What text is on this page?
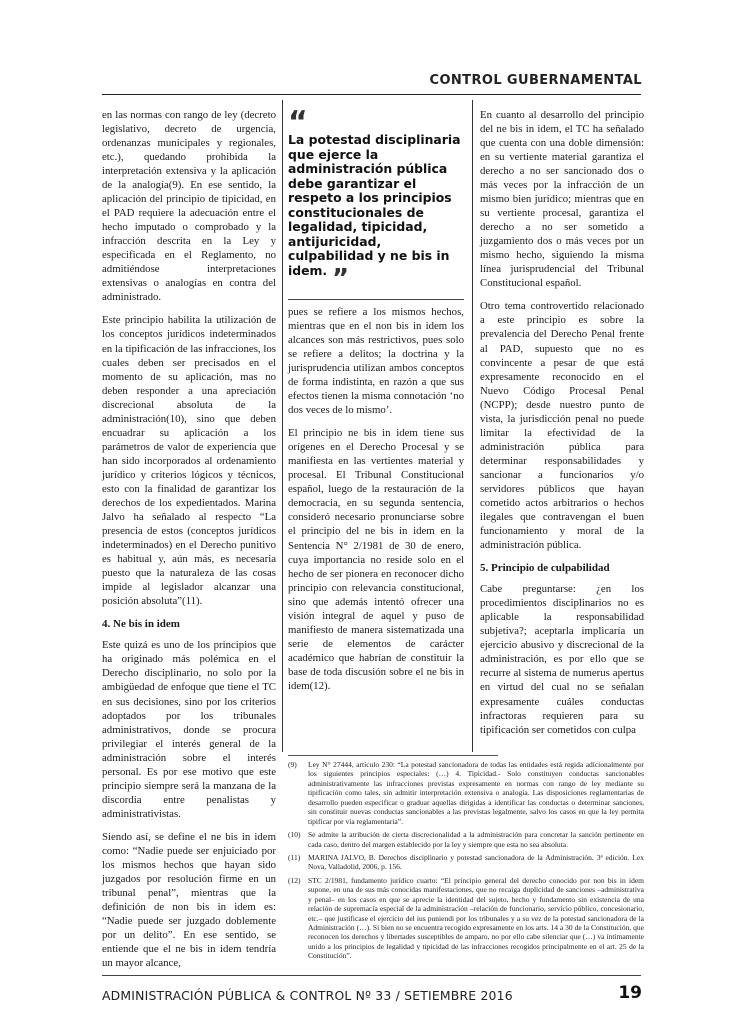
CONTROL GUBERNAMENTAL

en las normas con rango de ley (decreto legislativo, decreto de urgencia, ordenanzas municipales y regionales, etc.), quedando prohibida la interpretación extensiva y la aplicación de la analogía(9). En ese sentido, la aplicación del principio de tipicidad, en el PAD requiere la adecuación entre el hecho imputado o comprobado y la infracción descrita en la Ley y especificada en el Reglamento, no admitiéndose interpretaciones extensivas o analogías en contra del administrado.

Este principio habilita la utilización de los conceptos jurídicos indeterminados en la tipificación de las infracciones, los cuales deben ser precisados en el momento de su aplicación, mas no deben responder a una apreciación discrecional absoluta de la administración(10), sino que deben encuadrar su aplicación a los parámetros de valor de experiencia que han sido incorporados al ordenamiento jurídico y criterios lógicos y técnicos, esto con la finalidad de garantizar los derechos de los expedientados. Marina Jalvo ha señalado al respecto “La presencia de estos (conceptos jurídicos indeterminados) en el Derecho punitivo es habitual y, aún más, es necesaria puesto que la naturaleza de las cosas impide al legislador alcanzar una posición absoluta”(11).

4. Ne bis in idem

Este quizá es uno de los principios que ha originado más polémica en el Derecho disciplinario, no solo por la ambigüedad de enfoque que tiene el TC en sus decisiones, sino por los criterios adoptados por los tribunales administrativos, donde se procura privilegiar el interés general de la administración sobre el interés personal. Es por ese motivo que este principio siempre será la manzana de la discordia entre penalistas y administrativistas.

Siendo así, se define el ne bis in idem como: “Nadie puede ser enjuiciado por los mismos hechos que hayan sido juzgados por resolución firme en un tribunal penal”, mientras que la definición de non bis in idem es: “Nadie puede ser juzgado doblemente por un delito”. En ese sentido, se entiende que el ne bis in idem tendría un mayor alcance,

“
La potestad disciplinaria que ejerce la administración pública debe garantizar el respeto a los principios constitucionales de legalidad, tipicidad, antijuricidad, culpabilidad y ne bis in idem. ”

pues se refiere a los mismos hechos, mientras que en el non bis in idem los alcances son más restrictivos, pues solo se refiere a delitos; la doctrina y la jurisprudencia utilizan ambos conceptos de forma indistinta, en razón a que sus efectos tienen la misma connotación ‘no dos veces de lo mismo’.

El principio ne bis in idem tiene sus orígenes en el Derecho Procesal y se manifiesta en las vertientes material y procesal. El Tribunal Constitucional español, luego de la restauración de la democracia, en su segunda sentencia, consideró necesario pronunciarse sobre el principio del ne bis in idem en la Sentencia N° 2/1981 de 30 de enero, cuya importancia no reside solo en el hecho de ser pionera en reconocer dicho principio con relevancia constitucional, sino que además intentó ofrecer una visión integral de aquel y puso de manifiesto de manera sistematizada una serie de elementos de carácter académico que habrían de constituir la base de toda discusión sobre el ne bis in idem(12).

En cuanto al desarrollo del principio del ne bis in idem, el TC ha señalado que cuenta con una doble dimensión: en su vertiente material garantiza el derecho a no ser sancionado dos o más veces por la infracción de un mismo bien jurídico; mientras que en su vertiente procesal, garantiza el derecho a no ser sometido a juzgamiento dos o más veces por un mismo hecho, siguiendo la misma línea jurisprudencial del Tribunal Constitucional español.

Otro tema controvertido relacionado a este principio es sobre la prevalencia del Derecho Penal frente al PAD, supuesto que no es convincente a pesar de que está expresamente reconocido en el Nuevo Código Procesal Penal (NCPP); desde nuestro punto de vista, la jurisdicción penal no puede limitar la efectividad de la administración pública para determinar responsabilidades y sancionar a funcionarios y/o servidores públicos que hayan cometido actos arbitrarios o hechos ilegales que contravengan el buen funcionamiento y moral de la administración pública.

5. Principio de culpabilidad

Cabe preguntarse: ¿en los procedimientos disciplinarios no es aplicable la responsabilidad subjetiva?; aceptarla implicaría un ejercicio abusivo y discrecional de la administración, es por ello que se recurre al sistema de numerus apertus en virtud del cual no se señalan expresamente cuáles conductas infractoras requieren para su tipificación ser cometidos con culpa

(9)	Ley N° 27444, artículo 230: “La potestad sancionadora de todas las entidades está regida adicionalmente por los siguientes principios especiales: (…) 4. Tipicidad.- Solo constituyen conductas sancionables administrativamente las infracciones previstas expresamente en normas con rango de ley mediante su tipificación como tales, sin admitir interpretación extensiva o analogía. Las disposiciones reglamentarias de desarrollo pueden especificar o graduar aquellas dirigidas a identificar las conductas o determinar sanciones, sin constituir nuevas conductas sancionables a las previstas legalmente, salvo los casos en que la ley permita tipificar por vía reglamentaria”.
(10)	Se admite la atribución de cierta discrecionalidad a la administración para concretar la sanción pertinente en cada caso, dentro del margen establecido por la ley y siempre que esta no sea absoluta.
(11)	MARINA JALVO, B. Derechos disciplinario y potestad sancionadora de la Administración. 3ª edición. Lex Nova, Valladolid, 2006, p. 156.
(12)	STC 2/1981, fundamento jurídico cuarto: “El principio general del derecho conocido por non bis in idem supone, en una de sus más conocidas manifestaciones, que no recaiga duplicidad de sanciones –administrativa y penal– en los casos en que se aprecie la identidad del sujeto, hecho y fundamento sin existencia de una relación de supremacía especial de la administración –relación de funcionario, servicio público, concesionario, etc.– que justificase el ejercicio del ius puniendi por los tribunales y a su vez de la potestad sancionadora de la Administración (…). Si bien no se encuentra recogido expresamente en los arts. 14 a 30 de la Constitución, que reconocen los derechos y libertades susceptibles de amparo, no por ello cabe silenciar que (…) va íntimamente unido a los principios de legalidad y tipicidad de las infracciones recogidos principalmente en el art. 25 de la Constitución”.
ADMINISTRACIÓN PÚBLICA & CONTROL Nº 33 / SETIEMBRE 2016	19
